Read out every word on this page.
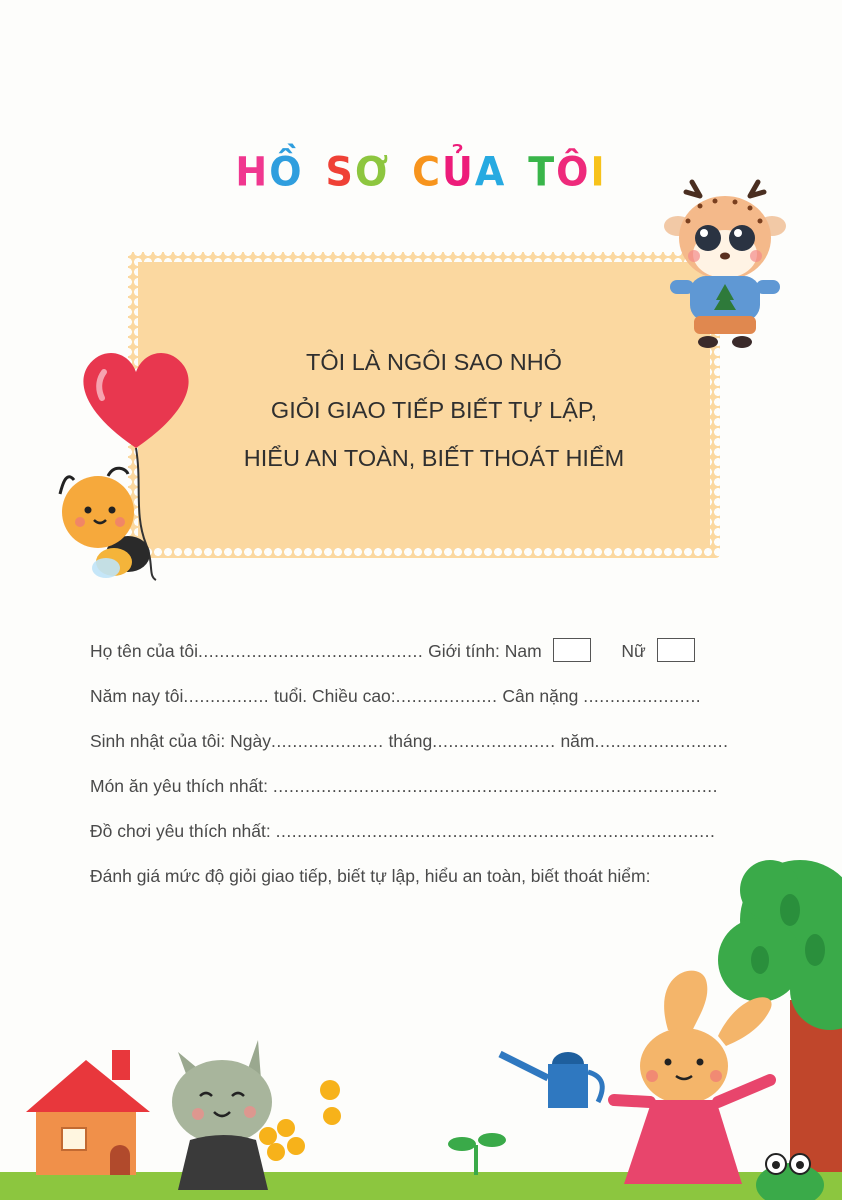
HỒ SƠ CỦA TÔI
TÔI LÀ NGÔI SAO NHỎ
GIỎI GIAO TIẾP BIẾT TỰ LẬP,
HIỂU AN TOÀN, BIẾT THOÁT HIỂM
Họ tên của tôi.......................................... Giới tính: Nam	Nữ
Năm nay tôi................ tuổi. Chiều cao:................... Cân nặng ......................
Sinh nhật của tôi: Ngày..................... tháng....................... năm.........................
Món ăn yêu thích nhất: ...................................................................................
Đồ chơi yêu thích nhất: ..................................................................................
Đánh giá mức độ giỏi giao tiếp, biết tự lập, hiểu an toàn, biết thoát hiểm:
